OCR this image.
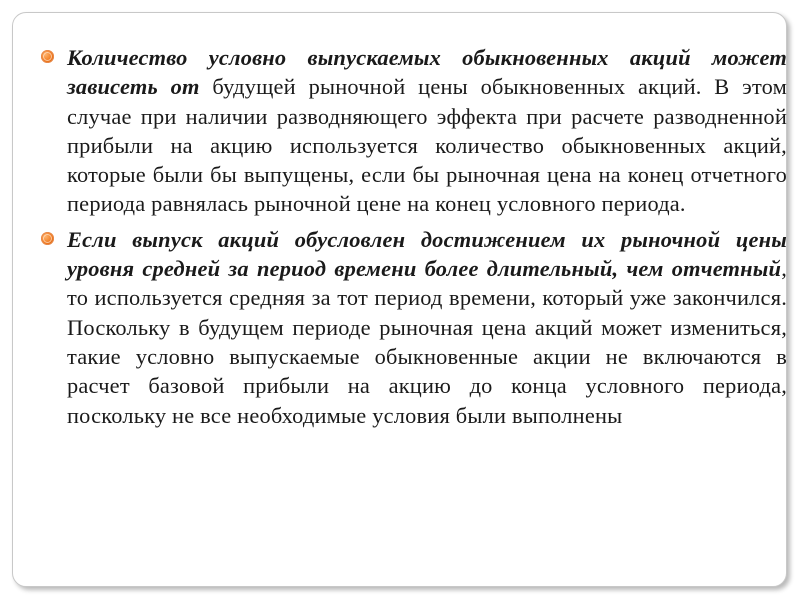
Количество условно выпускаемых обыкновенных акций может зависеть от будущей рыночной цены обыкновенных акций. В этом случае при наличии разводняющего эффекта при расчете разводненной прибыли на акцию используется количество обыкновенных акций, которые были бы выпущены, если бы рыночная цена на конец отчетного периода равнялась рыночной цене на конец условного периода.
Если выпуск акций обусловлен достижением их рыночной цены уровня средней за период времени более длительный, чем отчетный, то используется средняя за тот период времени, который уже закончился. Поскольку в будущем периоде рыночная цена акций может измениться, такие условно выпускаемые обыкновенные акции не включаются в расчет базовой прибыли на акцию до конца условного периода, поскольку не все необходимые условия были выполнены
